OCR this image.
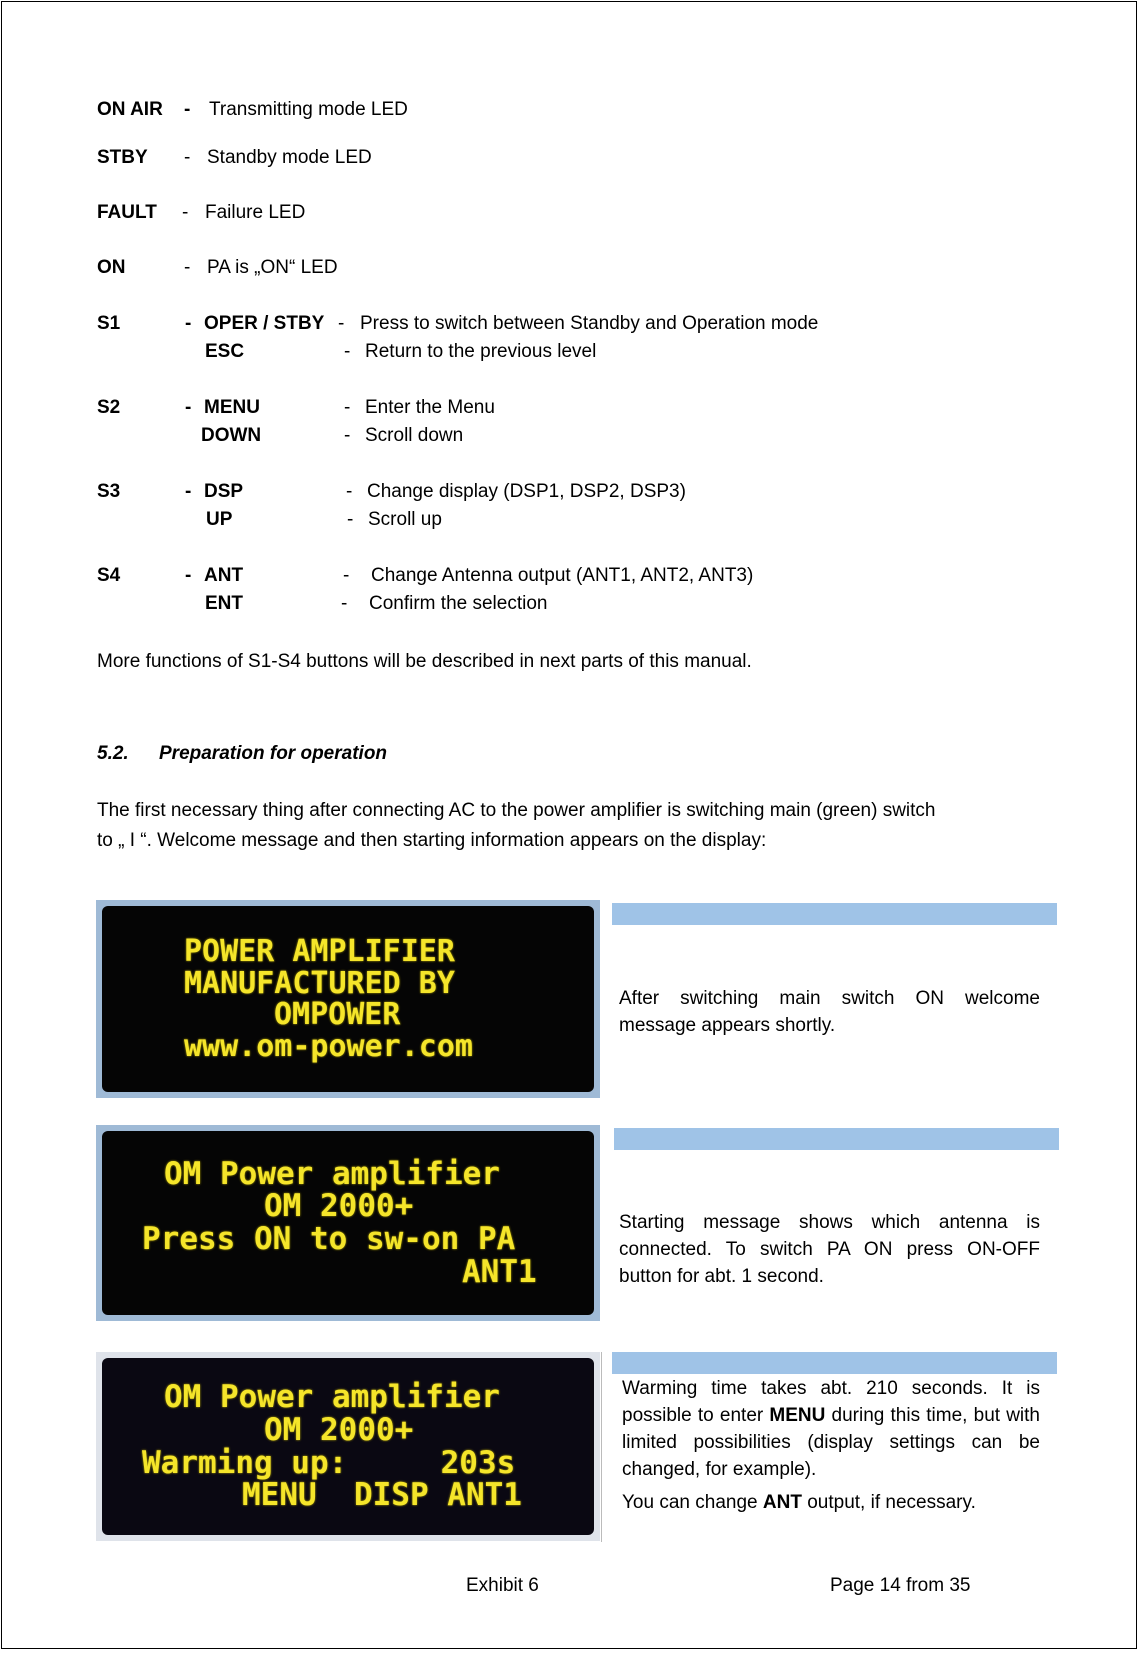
ON AIR - Transmitting mode LED
STBY - Standby mode LED
FAULT - Failure LED
ON	- PA is „ON“ LED
S1	- OPER / STBY - Press to switch between Standby and Operation mode
ESC	- Return to the previous level
S2	- MENU	- Enter the Menu
DOWN	- Scroll down
S3	- DSP	- Change display (DSP1, DSP2, DSP3)
UP	- Scroll up
S4	- ANT	- Change Antenna output (ANT1, ANT2, ANT3)
ENT	- Confirm the selection
More functions of S1-S4 buttons will be described in next parts of this manual.
5.2. Preparation for operation
The first necessary thing after connecting AC to the power amplifier is switching main (green) switch
to „ I “. Welcome message and then starting information appears on the display:
POWER AMPLIFIER
MANUFACTURED BY
OMPOWER
www.om-power.com
After switching main switch ON welcome message appears shortly.
OM Power amplifier
OM 2000+
Press ON to sw-on PA
ANT1
Starting message shows which antenna is connected. To switch PA ON press ON-OFF button for abt. 1 second.
OM Power amplifier
OM 2000+
Warming up:     203s
MENU  DISP ANT1
Warming time takes abt. 210 seconds. It is possible to enter MENU during this time, but with limited possibilities (display settings can be changed, for example).
You can change ANT output, if necessary.
Exhibit 6	Page 14 from 35
